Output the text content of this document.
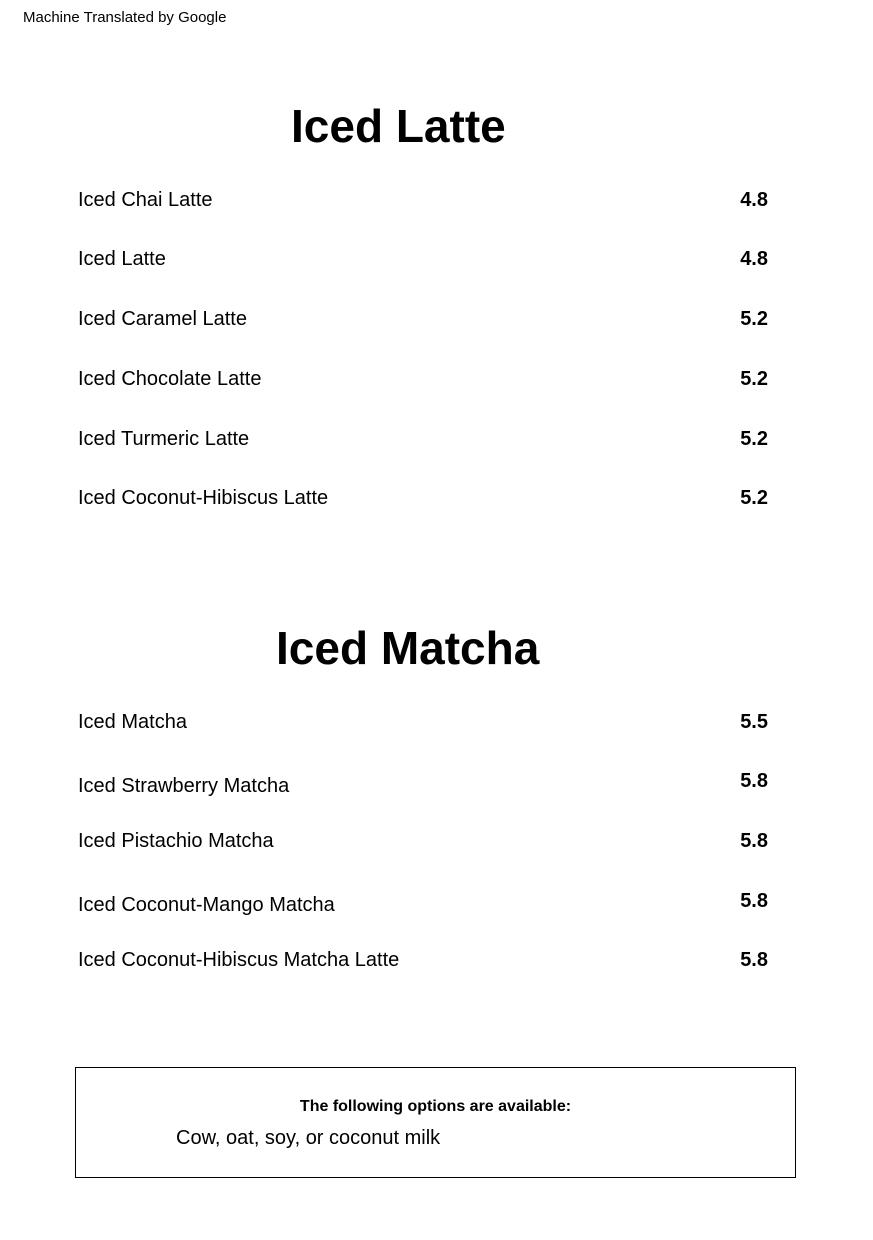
Machine Translated by Google
Iced Latte
Iced Chai Latte	4.8
Iced Latte	4.8
Iced Caramel Latte	5.2
Iced Chocolate Latte	5.2
Iced Turmeric Latte	5.2
Iced Coconut-Hibiscus Latte	5.2
Iced Matcha
Iced Matcha	5.5
Iced Strawberry Matcha	5.8
Iced Pistachio Matcha	5.8
Iced Coconut-Mango Matcha	5.8
Iced Coconut-Hibiscus Matcha Latte	5.8
The following options are available:
Cow, oat, soy, or coconut milk
